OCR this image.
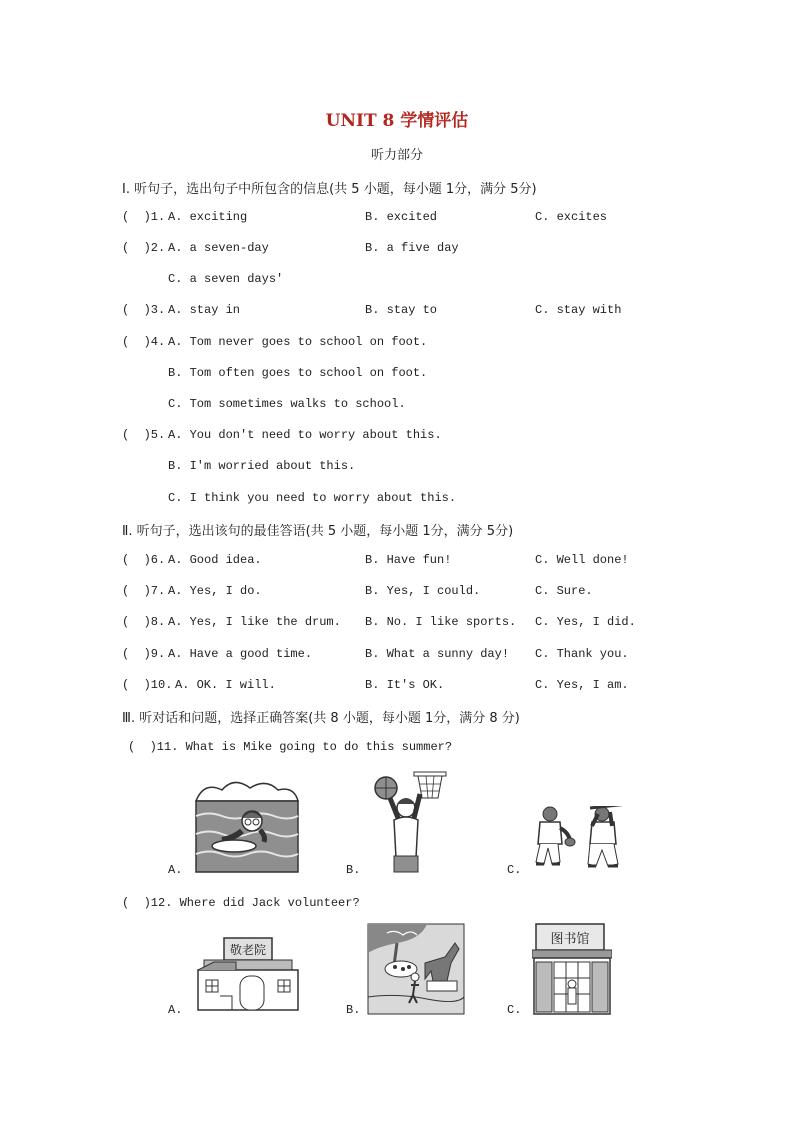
UNIT 8 学情评估
听力部分
Ⅰ. 听句子，选出句子中所包含的信息(共 5 小题，每小题 1分，满分 5分)
(  )1. A. exciting	B. excited	C. excites
(  )2. A. a seven-day	B. a five day
C. a seven days'
(  )3. A. stay in	B. stay to	C. stay with
(  )4. A. Tom never goes to school on foot.
B. Tom often goes to school on foot.
C. Tom sometimes walks to school.
(  )5. A. You don't need to worry about this.
B. I'm worried about this.
C. I think you need to worry about this.
Ⅱ. 听句子，选出该句的最佳答语(共 5 小题，每小题 1分，满分 5分)
(  )6. A. Good idea.	B. Have fun!	C. Well done!
(  )7. A. Yes, I do.	B. Yes, I could.	C. Sure.
(  )8. A. Yes, I like the drum. B. No. I like sports. C. Yes, I did.
(  )9. A. Have a good time.	B. What a sunny day! C. Thank you.
(  )10. A. OK. I will.	B. It's OK.	C. Yes, I am.
Ⅲ. 听对话和问题，选择正确答案(共 8 小题，每小题 1分，满分 8 分)
(  )11. What is Mike going to do this summer?
A.	B.	C.
(  )12. Where did Jack volunteer?
敬老院
A.	B.
图书馆
C.
